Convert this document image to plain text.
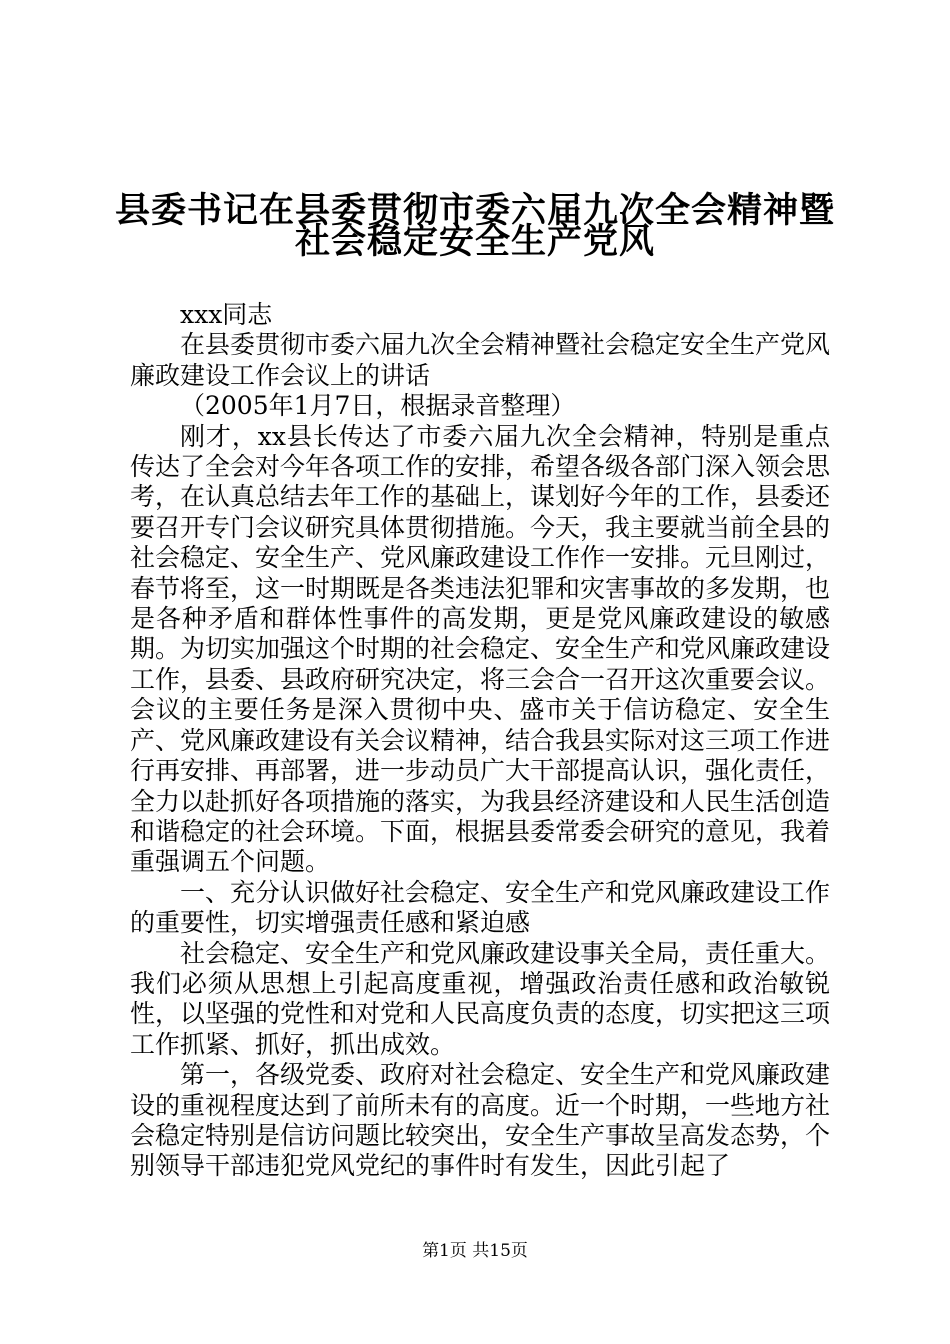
县委书记在县委贯彻市委六届九次全会精神暨
社会稳定安全生产党风

xxx同志

在县委贯彻市委六届九次全会精神暨社会稳定安全生产党风廉政建设工作会议上的讲话

（2005年1月7日，根据录音整理）

刚才，xx县长传达了市委六届九次全会精神，特别是重点传达了全会对今年各项工作的安排，希望各级各部门深入领会思考，在认真总结去年工作的基础上，谋划好今年的工作，县委还要召开专门会议研究具体贯彻措施。今天，我主要就当前全县的社会稳定、安全生产、党风廉政建设工作作一安排。元旦刚过，春节将至，这一时期既是各类违法犯罪和灾害事故的多发期，也是各种矛盾和群体性事件的高发期，更是党风廉政建设的敏感期。为切实加强这个时期的社会稳定、安全生产和党风廉政建设工作，县委、县政府研究决定，将三会合一召开这次重要会议。会议的主要任务是深入贯彻中央、盛市关于信访稳定、安全生产、党风廉政建设有关会议精神，结合我县实际对这三项工作进行再安排、再部署，进一步动员广大干部提高认识，强化责任，全力以赴抓好各项措施的落实，为我县经济建设和人民生活创造和谐稳定的社会环境。下面，根据县委常委会研究的意见，我着重强调五个问题。

一、充分认识做好社会稳定、安全生产和党风廉政建设工作的重要性，切实增强责任感和紧迫感

社会稳定、安全生产和党风廉政建设事关全局，责任重大。我们必须从思想上引起高度重视，增强政治责任感和政治敏锐性，以坚强的党性和对党和人民高度负责的态度，切实把这三项工作抓紧、抓好，抓出成效。

第一，各级党委、政府对社会稳定、安全生产和党风廉政建设的重视程度达到了前所未有的高度。近一个时期，一些地方社会稳定特别是信访问题比较突出，安全生产事故呈高发态势，个别领导干部违犯党风党纪的事件时有发生，因此引起了

第1页 共15页
